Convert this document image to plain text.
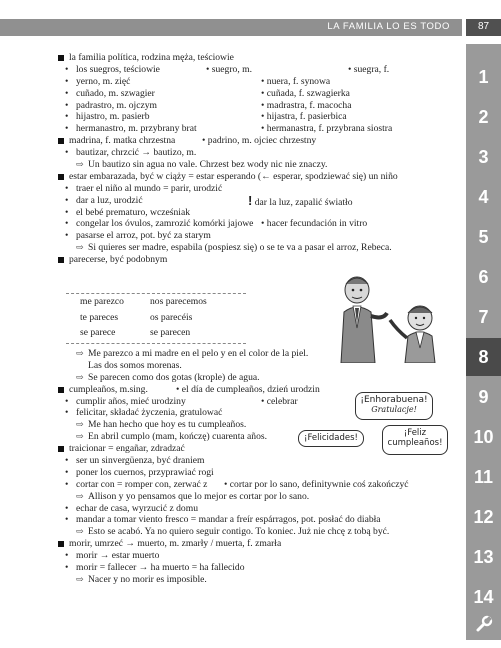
LA FAMILIA LO ES TODO	87
1
2
3
4
5
6
7
8
9
10
11
12
13
14
la familia política, rodzina męża, teściowie
• los suegros, teściowie	• suegro, m.	• suegra, f.
• yerno, m. zięć	• nuera, f. synowa
• cuñado, m. szwagier	• cuñada, f. szwagierka
• padrastro, m. ojczym	• madrastra, f. macocha
• hijastro, m. pasierb	• hijastra, f. pasierbica
• hermanastro, m. przybrany brat	• hermanastra, f. przybrana siostra
madrina, f. matka chrzestna	• padrino, m. ojciec chrzestny
• bautizar, chrzcić → bautizo, m.
⇨ Un bautizo sin agua no vale. Chrzest bez wody nic nie znaczy.
estar embarazada, być w ciąży = estar esperando (← esperar, spodziewać się) un niño
• traer el niño al mundo = parir, urodzić
• dar a luz, urodzić	! dar la luz, zapalić światło
• el bebé prematuro, wcześniak
• congelar los óvulos, zamrozić komórki jajowe • hacer fecundación in vitro
• pasarse el arroz, pot. być za starym
⇨ Si quieres ser madre, espabila (pospiesz się) o se te va a pasar el arroz, Rebeca.
parecerse, być podobnym
me parezco	nos parecemos
te pareces	os parecéis
se parece	se parecen
⇨ Me parezco a mi madre en el pelo y en el color de la piel.
Las dos somos morenas.
⇨ Se parecen como dos gotas (krople) de agua.
cumpleaños, m.sing.	• el día de cumpleaños, dzień urodzin
• cumplir años, mieć urodziny	• celebrar
• felicitar, składać życzenia, gratulować
⇨ Me han hecho que hoy es tu cumpleaños.
⇨ En abril cumplo (mam, kończę) cuarenta años.
traicionar = engañar, zdradzać
• ser un sinvergüenza, być draniem
• poner los cuernos, przyprawiać rogi
• cortar con = romper con, zerwać z • cortar por lo sano, definitywnie coś zakończyć
⇨ Allison y yo pensamos que lo mejor es cortar por lo sano.
• echar de casa, wyrzucić z domu
• mandar a tomar viento fresco = mandar a freír espárragos, pot. posłać do diabła
⇨ Esto se acabó. Ya no quiero seguir contigo. To koniec. Już nie chcę z tobą być.
morir, umrzeć → muerto, m. zmarły / muerta, f. zmarła
• morir → estar muerto
• morir = fallecer → ha muerto = ha fallecido
⇨ Nacer y no morir es imposible.
¡Enhorabuena!
Gratulacje!
¡Felicidades!	¡Feliz
cumpleaños!
